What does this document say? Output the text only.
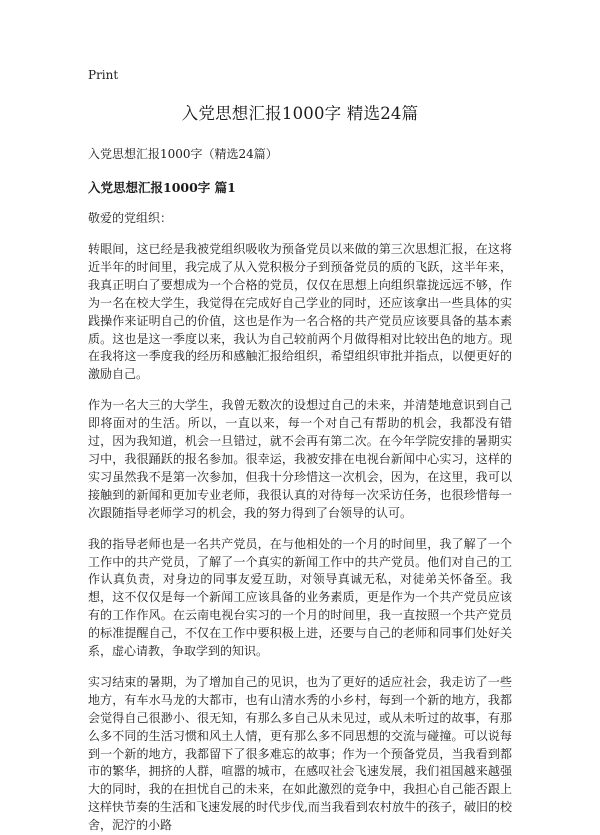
Print
入党思想汇报1000字 精选24篇

入党思想汇报1000字（精选24篇）

入党思想汇报1000字 篇1

敬爱的党组织：

转眼间，这已经是我被党组织吸收为预备党员以来做的第三次思想汇报，在这将近半年的时间里，我完成了从入党积极分子到预备党员的质的飞跃，这半年来，我真正明白了要想成为一个合格的党员，仅仅在思想上向组织靠拢远远不够，作为一名在校大学生，我觉得在完成好自己学业的同时，还应该拿出一些具体的实践操作来证明自己的价值，这也是作为一名合格的共产党员应该要具备的基本素质。这也是这一季度以来，我认为自己较前两个月做得相对比较出色的地方。现在我将这一季度我的经历和感触汇报给组织，希望组织审批并指点，以便更好的激励自己。

作为一名大三的大学生，我曾无数次的设想过自己的未来，并清楚地意识到自己即将面对的生活。所以，一直以来，每一个对自己有帮助的机会，我都没有错过，因为我知道，机会一旦错过，就不会再有第二次。在今年学院安排的暑期实习中，我很踊跃的报名参加。很幸运，我被安排在电视台新闻中心实习，这样的实习虽然我不是第一次参加，但我十分珍惜这一次机会，因为，在这里，我可以接触到的新闻和更加专业老师，我很认真的对待每一次采访任务，也很珍惜每一次跟随指导老师学习的机会，我的努力得到了台领导的认可。

我的指导老师也是一名共产党员，在与他相处的一个月的时间里，我了解了一个工作中的共产党员，了解了一个真实的新闻工作中的共产党员。他们对自己的工作认真负责，对身边的同事友爱互助，对领导真诚无私，对徒弟关怀备至。我想，这不仅仅是每一个新闻工应该具备的业务素质，更是作为一个共产党员应该有的工作作风。在云南电视台实习的一个月的时间里，我一直按照一个共产党员的标准提醒自己，不仅在工作中要积极上进，还要与自己的老师和同事们处好关系，虚心请教，争取学到的知识。

实习结束的暑期，为了增加自己的见识，也为了更好的适应社会，我走访了一些地方，有车水马龙的大都市，也有山清水秀的小乡村，每到一个新的地方，我都会觉得自己很渺小、很无知，有那么多自己从未见过，或从未听过的故事，有那么多不同的生活习惯和风土人情，更有那么多不同思想的交流与碰撞。可以说每到一个新的地方，我都留下了很多难忘的故事；作为一个预备党员，当我看到都市的繁华，拥挤的人群，喧嚣的城市，在感叹社会飞速发展，我们祖国越来越强大的同时，我的在担忧自己的未来，在如此激烈的竞争中，我担心自己能否跟上这样快节奏的生活和飞速发展的时代步伐,而当我看到农村放牛的孩子，破旧的校舍，泥泞的小路
